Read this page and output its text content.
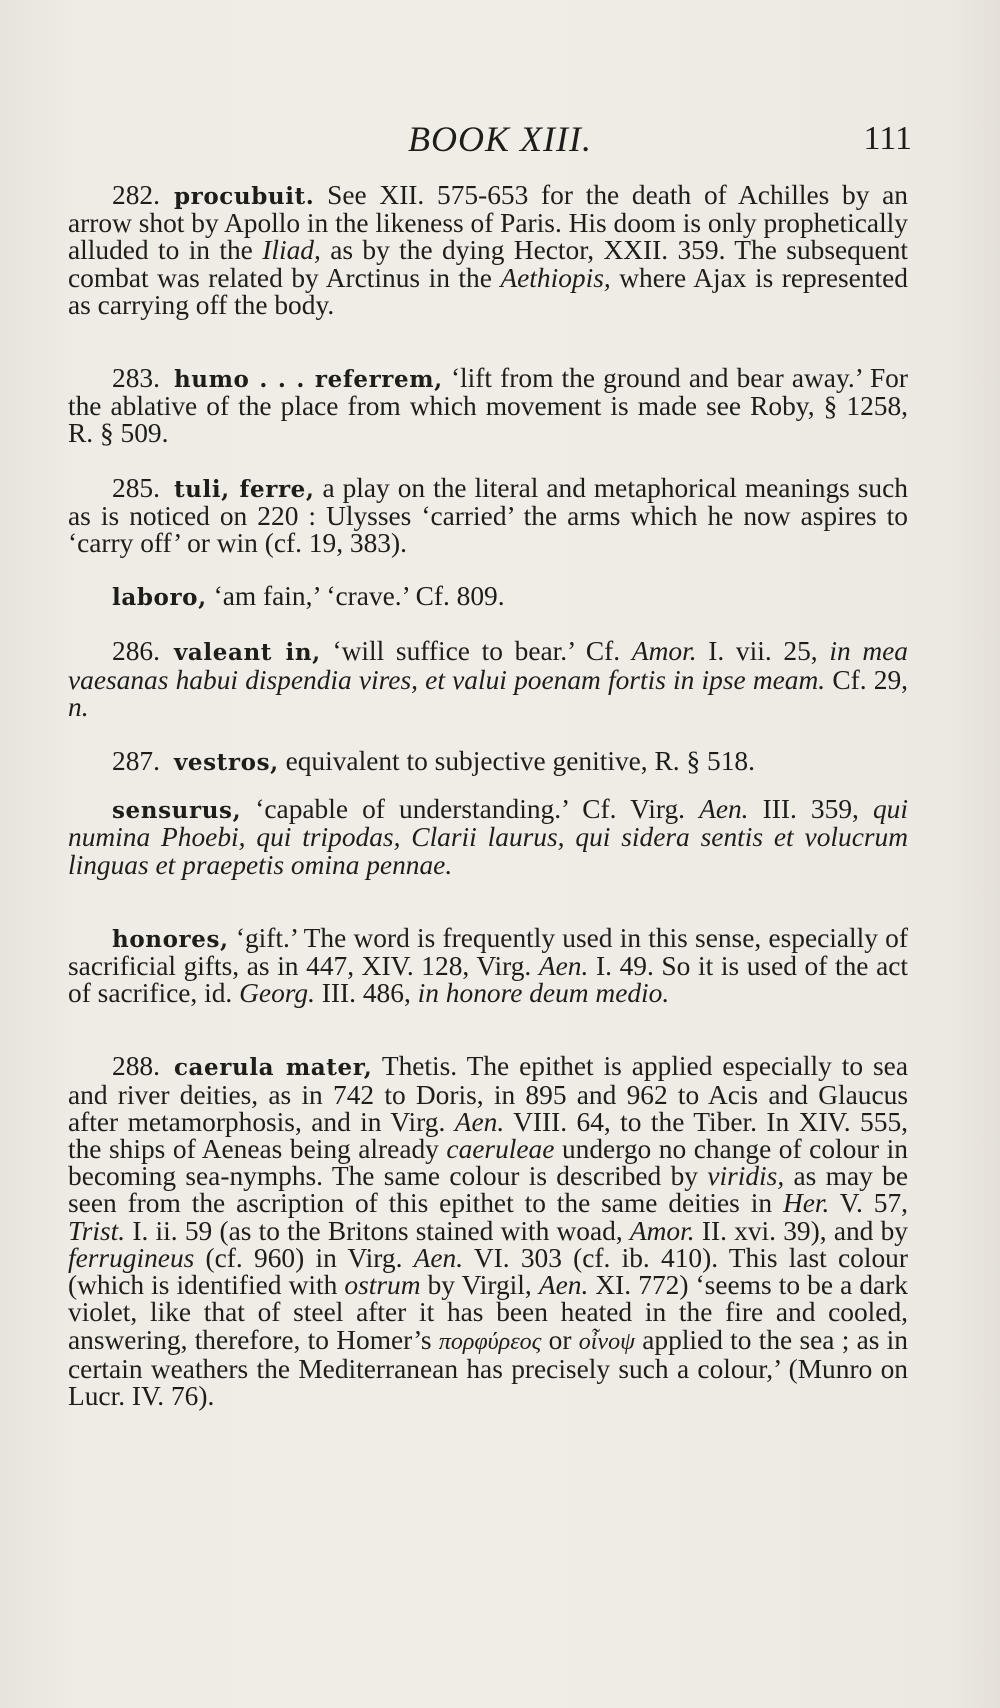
BOOK XIII.	111

282. procubuit. See XII. 575-653 for the death of Achilles by an arrow shot by Apollo in the likeness of Paris. His doom is only prophetically alluded to in the Iliad, as by the dying Hector, XXII. 359. The subsequent combat was related by Arctinus in the Aethiopis, where Ajax is represented as carrying off the body.

283. humo . . . referrem, ‘lift from the ground and bear away.’ For the ablative of the place from which movement is made see Roby, § 1258, R. § 509.

285. tuli, ferre, a play on the literal and metaphorical meanings such as is noticed on 220 : Ulysses ‘carried’ the arms which he now aspires to ‘carry off’ or win (cf. 19, 383).

laboro, ‘am fain,’ ‘crave.’ Cf. 809.

286. valeant in, ‘will suffice to bear.’ Cf. Amor. I. vii. 25, in mea vaesanas habui dispendia vires, et valui poenam fortis in ipse meam. Cf. 29, n.

287. vestros, equivalent to subjective genitive, R. § 518.

sensurus, ‘capable of understanding.’ Cf. Virg. Aen. III. 359, qui numina Phoebi, qui tripodas, Clarii laurus, qui sidera sentis et volucrum linguas et praepetis omina pennae.

honores, ‘gift.’ The word is frequently used in this sense, especially of sacrificial gifts, as in 447, XIV. 128, Virg. Aen. I. 49. So it is used of the act of sacrifice, id. Georg. III. 486, in honore deum medio.

288. caerula mater, Thetis. The epithet is applied especially to sea and river deities, as in 742 to Doris, in 895 and 962 to Acis and Glaucus after metamorphosis, and in Virg. Aen. VIII. 64, to the Tiber. In XIV. 555, the ships of Aeneas being already caeruleae undergo no change of colour in becoming sea-nymphs. The same colour is described by viridis, as may be seen from the ascription of this epithet to the same deities in Her. V. 57, Trist. I. ii. 59 (as to the Britons stained with woad, Amor. II. xvi. 39), and by ferrugineus (cf. 960) in Virg. Aen. VI. 303 (cf. ib. 410). This last colour (which is identified with ostrum by Virgil, Aen. XI. 772) ‘seems to be a dark violet, like that of steel after it has been heated in the fire and cooled, answering, therefore, to Homer’s πορφύρεος or οἶνοψ applied to the sea ; as in certain weathers the Mediterranean has precisely such a colour,’ (Munro on Lucr. IV. 76).
